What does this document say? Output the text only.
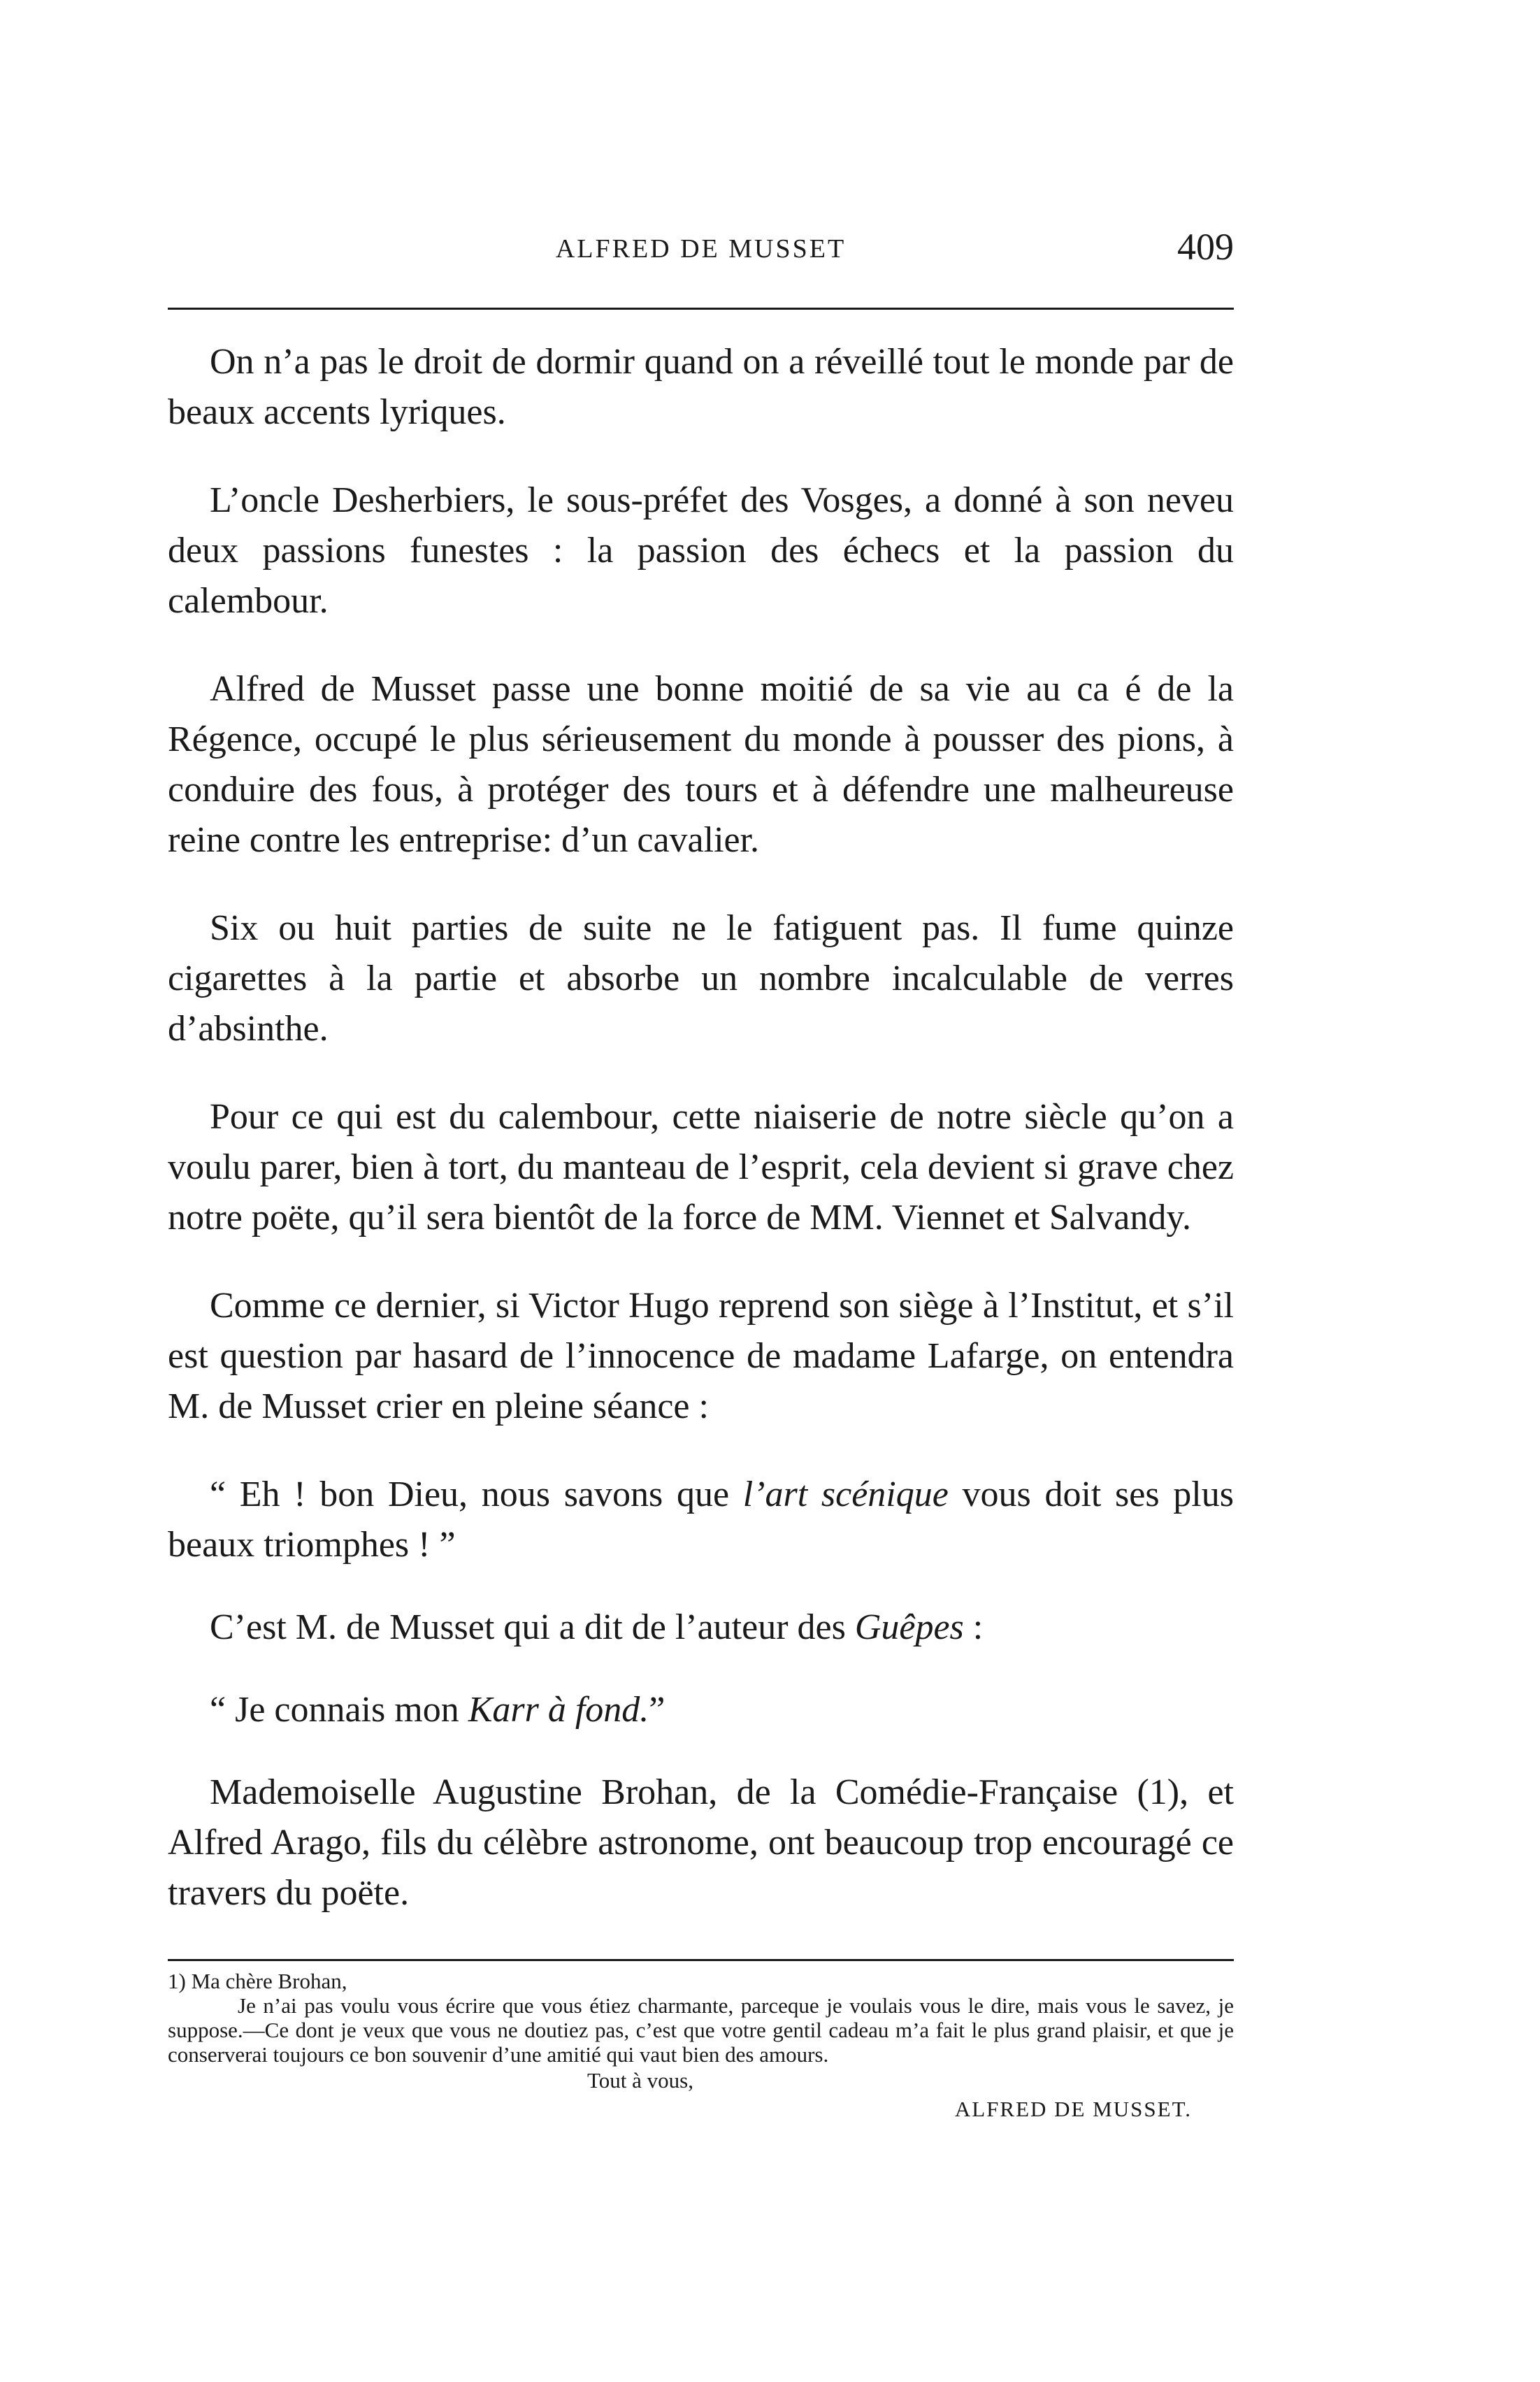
ALFRED DE MUSSET	409

On n’a pas le droit de dormir quand on a réveillé tout le monde par de beaux accents lyriques.

L’oncle Desherbiers, le sous-préfet des Vosges, a donné à son neveu deux passions funestes : la passion des échecs et la passion du calembour.

Alfred de Musset passe une bonne moitié de sa vie au ca é de la Régence, occupé le plus sérieusement du monde à pousser des pions, à conduire des fous, à protéger des tours et à défendre une malheureuse reine contre les entreprise: d’un cavalier.

Six ou huit parties de suite ne le fatiguent pas. Il fume quinze cigarettes à la partie et absorbe un nombre incalculable de verres d’absinthe.

Pour ce qui est du calembour, cette niaiserie de notre siècle qu’on a voulu parer, bien à tort, du manteau de l’esprit, cela devient si grave chez notre poëte, qu’il sera bientôt de la force de MM. Viennet et Salvandy.

Comme ce dernier, si Victor Hugo reprend son siège à l’Institut, et s’il est question par hasard de l’innocence de madame Lafarge, on entendra M. de Musset crier en pleine séance :

“ Eh ! bon Dieu, nous savons que l’art scénique vous doit ses plus beaux triomphes ! ”

C’est M. de Musset qui a dit de l’auteur des Guêpes :

“ Je connais mon Karr à fond.”

Mademoiselle Augustine Brohan, de la Comédie-Française (1), et Alfred Arago, fils du célèbre astronome, ont beaucoup trop encouragé ce travers du poëte.

1) Ma chère Brohan,

Je n’ai pas voulu vous écrire que vous étiez charmante, parceque je voulais vous le dire, mais vous le savez, je suppose.—Ce dont je veux que vous ne doutiez pas, c’est que votre gentil cadeau m’a fait le plus grand plaisir, et que je conserverai toujours ce bon souvenir d’une amitié qui vaut bien des amours.

Tout à vous,

ALFRED DE MUSSET.
